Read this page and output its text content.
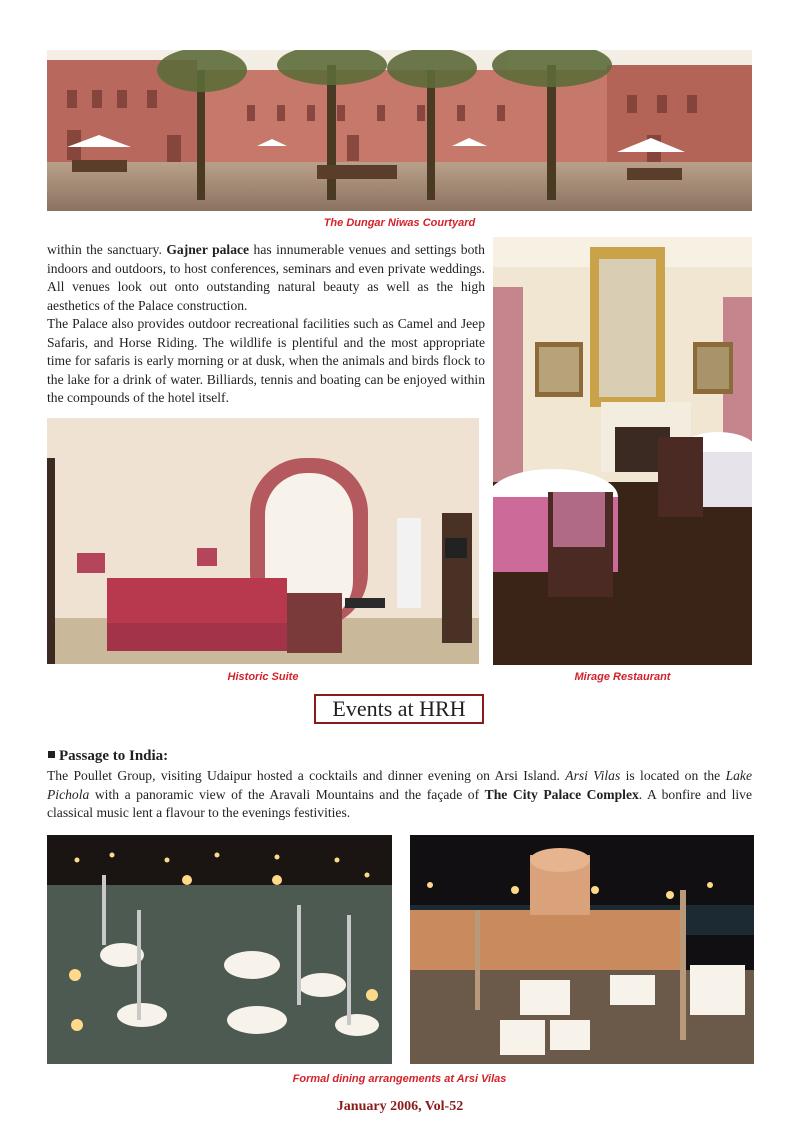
The Dungar Niwas Courtyard

within the sanctuary. Gajner palace has innumerable venues and settings both indoors and outdoors, to host conferences, seminars and even private weddings. All venues look out onto outstanding natural beauty as well as the high aesthetics of the Palace construction.

The Palace also provides outdoor recreational facilities such as Camel and Jeep Safaris, and Horse Riding. The wildlife is plentiful and the most appropriate time for safaris is early morning or at dusk, when the animals and birds flock to the lake for a drink of water. Billiards, tennis and boating can be enjoyed within the compounds of the hotel itself.

Historic Suite	Mirage Restaurant
Events at HRH
Passage to India:

The Poullet Group, visiting Udaipur hosted a cocktails and dinner evening on Arsi Island. Arsi Vilas is located on the Lake Pichola with a panoramic view of the Aravali Mountains and the façade of The City Palace Complex. A bonfire and live classical music lent a flavour to the evenings festivities.

Formal dining arrangements at Arsi Vilas
January 2006, Vol-52
